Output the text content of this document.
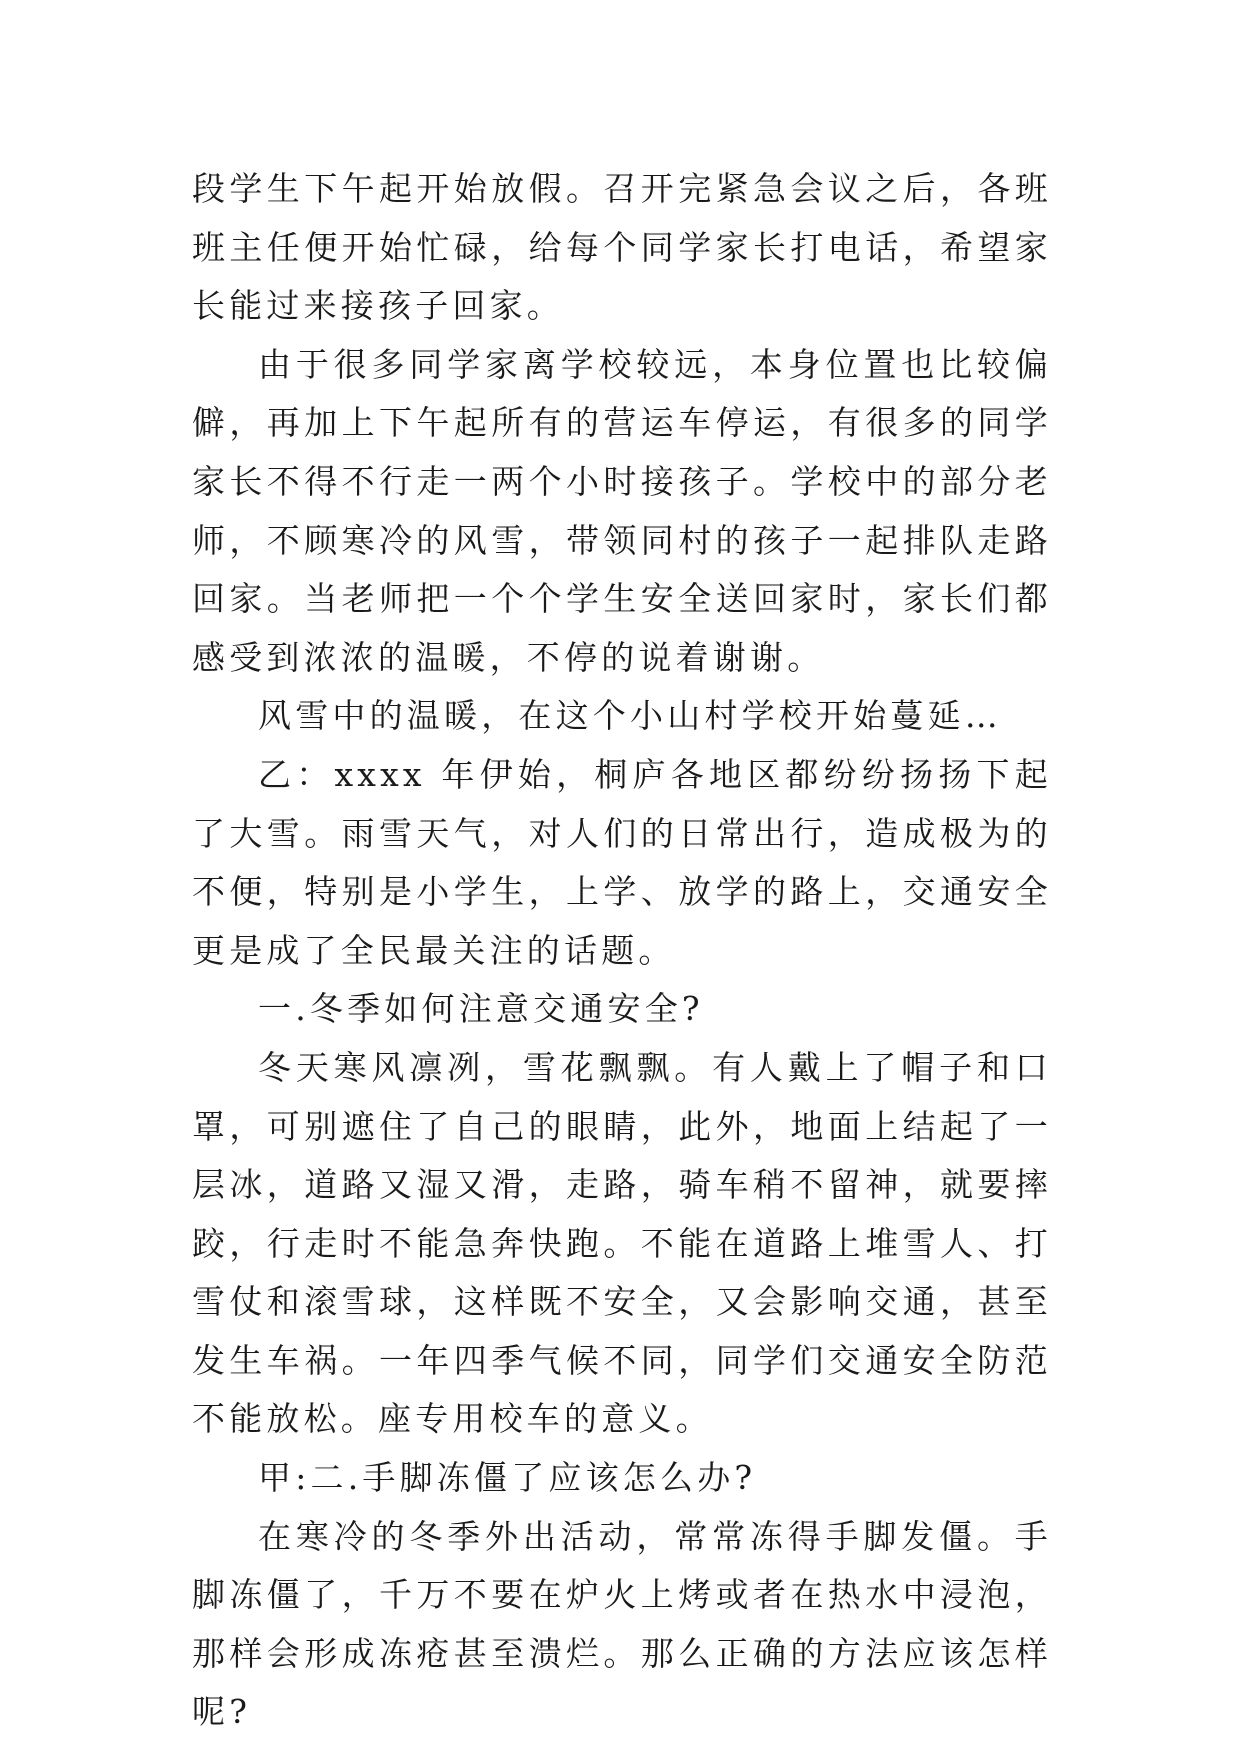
段学生下午起开始放假。召开完紧急会议之后，各班班主任便开始忙碌，给每个同学家长打电话，希望家长能过来接孩子回家。

由于很多同学家离学校较远，本身位置也比较偏僻，再加上下午起所有的营运车停运，有很多的同学家长不得不行走一两个小时接孩子。学校中的部分老师，不顾寒冷的风雪，带领同村的孩子一起排队走路回家。当老师把一个个学生安全送回家时，家长们都感受到浓浓的温暖，不停的说着谢谢。

风雪中的温暖，在这个小山村学校开始蔓延…

乙：xxxx 年伊始，桐庐各地区都纷纷扬扬下起了大雪。雨雪天气，对人们的日常出行，造成极为的不便，特别是小学生，上学、放学的路上，交通安全更是成了全民最关注的话题。

一.冬季如何注意交通安全?

冬天寒风凛冽，雪花飘飘。有人戴上了帽子和口罩，可别遮住了自己的眼睛，此外，地面上结起了一层冰，道路又湿又滑，走路，骑车稍不留神，就要摔跤，行走时不能急奔快跑。不能在道路上堆雪人、打雪仗和滚雪球，这样既不安全，又会影响交通，甚至发生车祸。一年四季气候不同，同学们交通安全防范不能放松。座专用校车的意义。

甲:二.手脚冻僵了应该怎么办?

在寒冷的冬季外出活动，常常冻得手脚发僵。手脚冻僵了，千万不要在炉火上烤或者在热水中浸泡，那样会形成冻疮甚至溃烂。那么正确的方法应该怎样呢?
